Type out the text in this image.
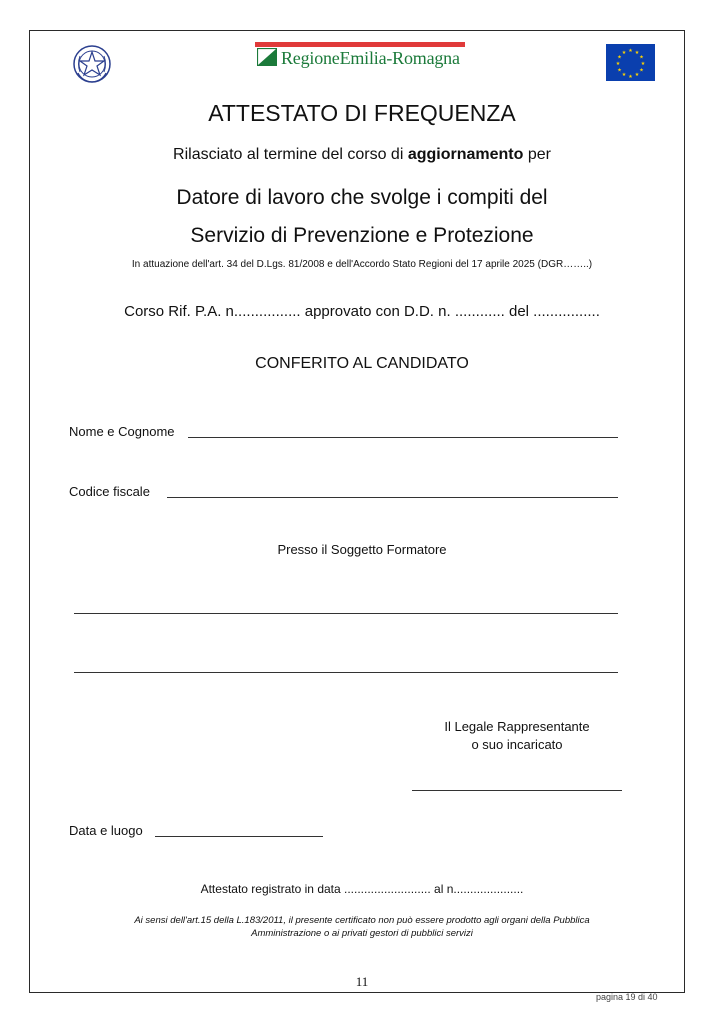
RegioneEmilia-Romagna	★ ★
★
★
★
★
★
★
★
★
★
★
ATTESTATO DI FREQUENZA
Rilasciato al termine del corso di aggiornamento per
Datore di lavoro che svolge i compiti del
Servizio di Prevenzione e Protezione
In attuazione dell'art. 34 del D.Lgs. 81/2008 e dell'Accordo Stato Regioni del 17 aprile 2025 (DGR……..)
Corso Rif. P.A. n................ approvato con D.D. n. ............ del ................
CONFERITO AL CANDIDATO
Nome e Cognome
Codice fiscale
Presso il Soggetto Formatore
Il Legale Rappresentante
o suo incaricato
Data e luogo
Attestato registrato in data .......................... al n.....................
Ai sensi dell'art.15 della L.183/2011, il presente certificato non può essere prodotto agli organi della Pubblica
Amministrazione o ai privati gestori di pubblici servizi
11
pagina 19 di 40
